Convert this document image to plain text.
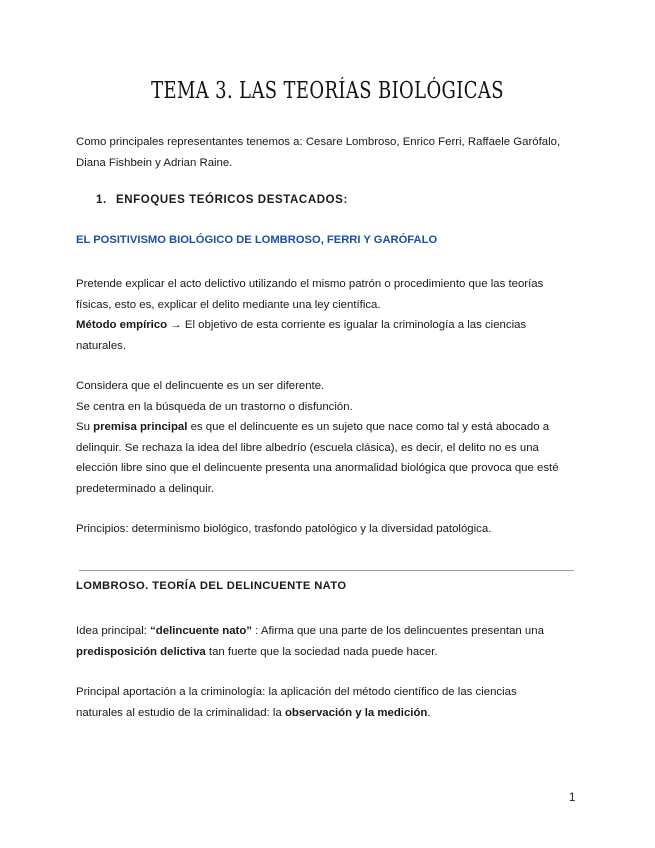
TEMA 3. LAS TEORÍAS BIOLÓGICAS
Como principales representantes tenemos a: Cesare Lombroso, Enrico Ferri, Raffaele Garófalo,
Diana Fishbein y Adrian Raine.
1. ENFOQUES TEÓRICOS DESTACADOS:
EL POSITIVISMO BIOLÓGICO DE LOMBROSO, FERRI Y GARÓFALO
Pretende explicar el acto delictivo utilizando el mismo patrón o procedimiento que las teorías
físicas, esto es, explicar el delito mediante una ley científica.
Método empírico → El objetivo de esta corriente es igualar la criminología a las ciencias
naturales.
Considera que el delincuente es un ser diferente.
Se centra en la búsqueda de un trastorno o disfunción.
Su premisa principal es que el delincuente es un sujeto que nace como tal y está abocado a
delinquir. Se rechaza la idea del libre albedrío (escuela clásica), es decir, el delito no es una
elección libre sino que el delincuente presenta una anormalidad biológica que provoca que esté
predeterminado a delinquir.
Principios: determinismo biológico, trasfondo patológico y la diversidad patológica.
LOMBROSO. TEORÍA DEL DELINCUENTE NATO
Idea principal: “delincuente nato” : Afirma que una parte de los delincuentes presentan una
predisposición delictiva tan fuerte que la sociedad nada puede hacer.
Principal aportación a la criminología: la aplicación del método científico de las ciencias
naturales al estudio de la criminalidad: la observación y la medición.
1
